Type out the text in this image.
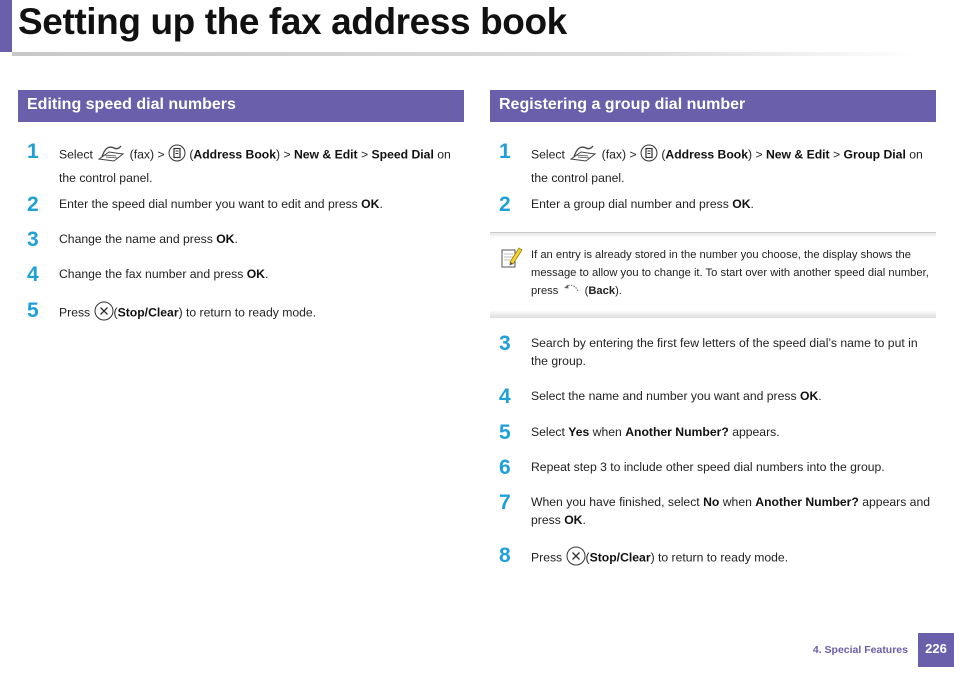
Setting up the fax address book
Editing speed dial numbers
1	Select	(fax) > (Address Book) > New & Edit > Speed Dial on the control panel.
2	Enter the speed dial number you want to edit and press OK.
3	Change the name and press OK.
4	Change the fax number and press OK.
5	Press (Stop/Clear) to return to ready mode.
Registering a group dial number
1	Select	(fax) > (Address Book) > New & Edit > Group Dial on the control panel.
2	Enter a group dial number and press OK.
If an entry is already stored in the number you choose, the display shows the message to allow you to change it. To start over with another speed dial number, press (Back).
3	Search by entering the first few letters of the speed dial’s name to put in the group.
4	Select the name and number you want and press OK.
5	Select Yes when Another Number? appears.
6	Repeat step 3 to include other speed dial numbers into the group.
7	When you have finished, select No when Another Number? appears and press OK.
8	Press (Stop/Clear) to return to ready mode.
4. Special Features	226
